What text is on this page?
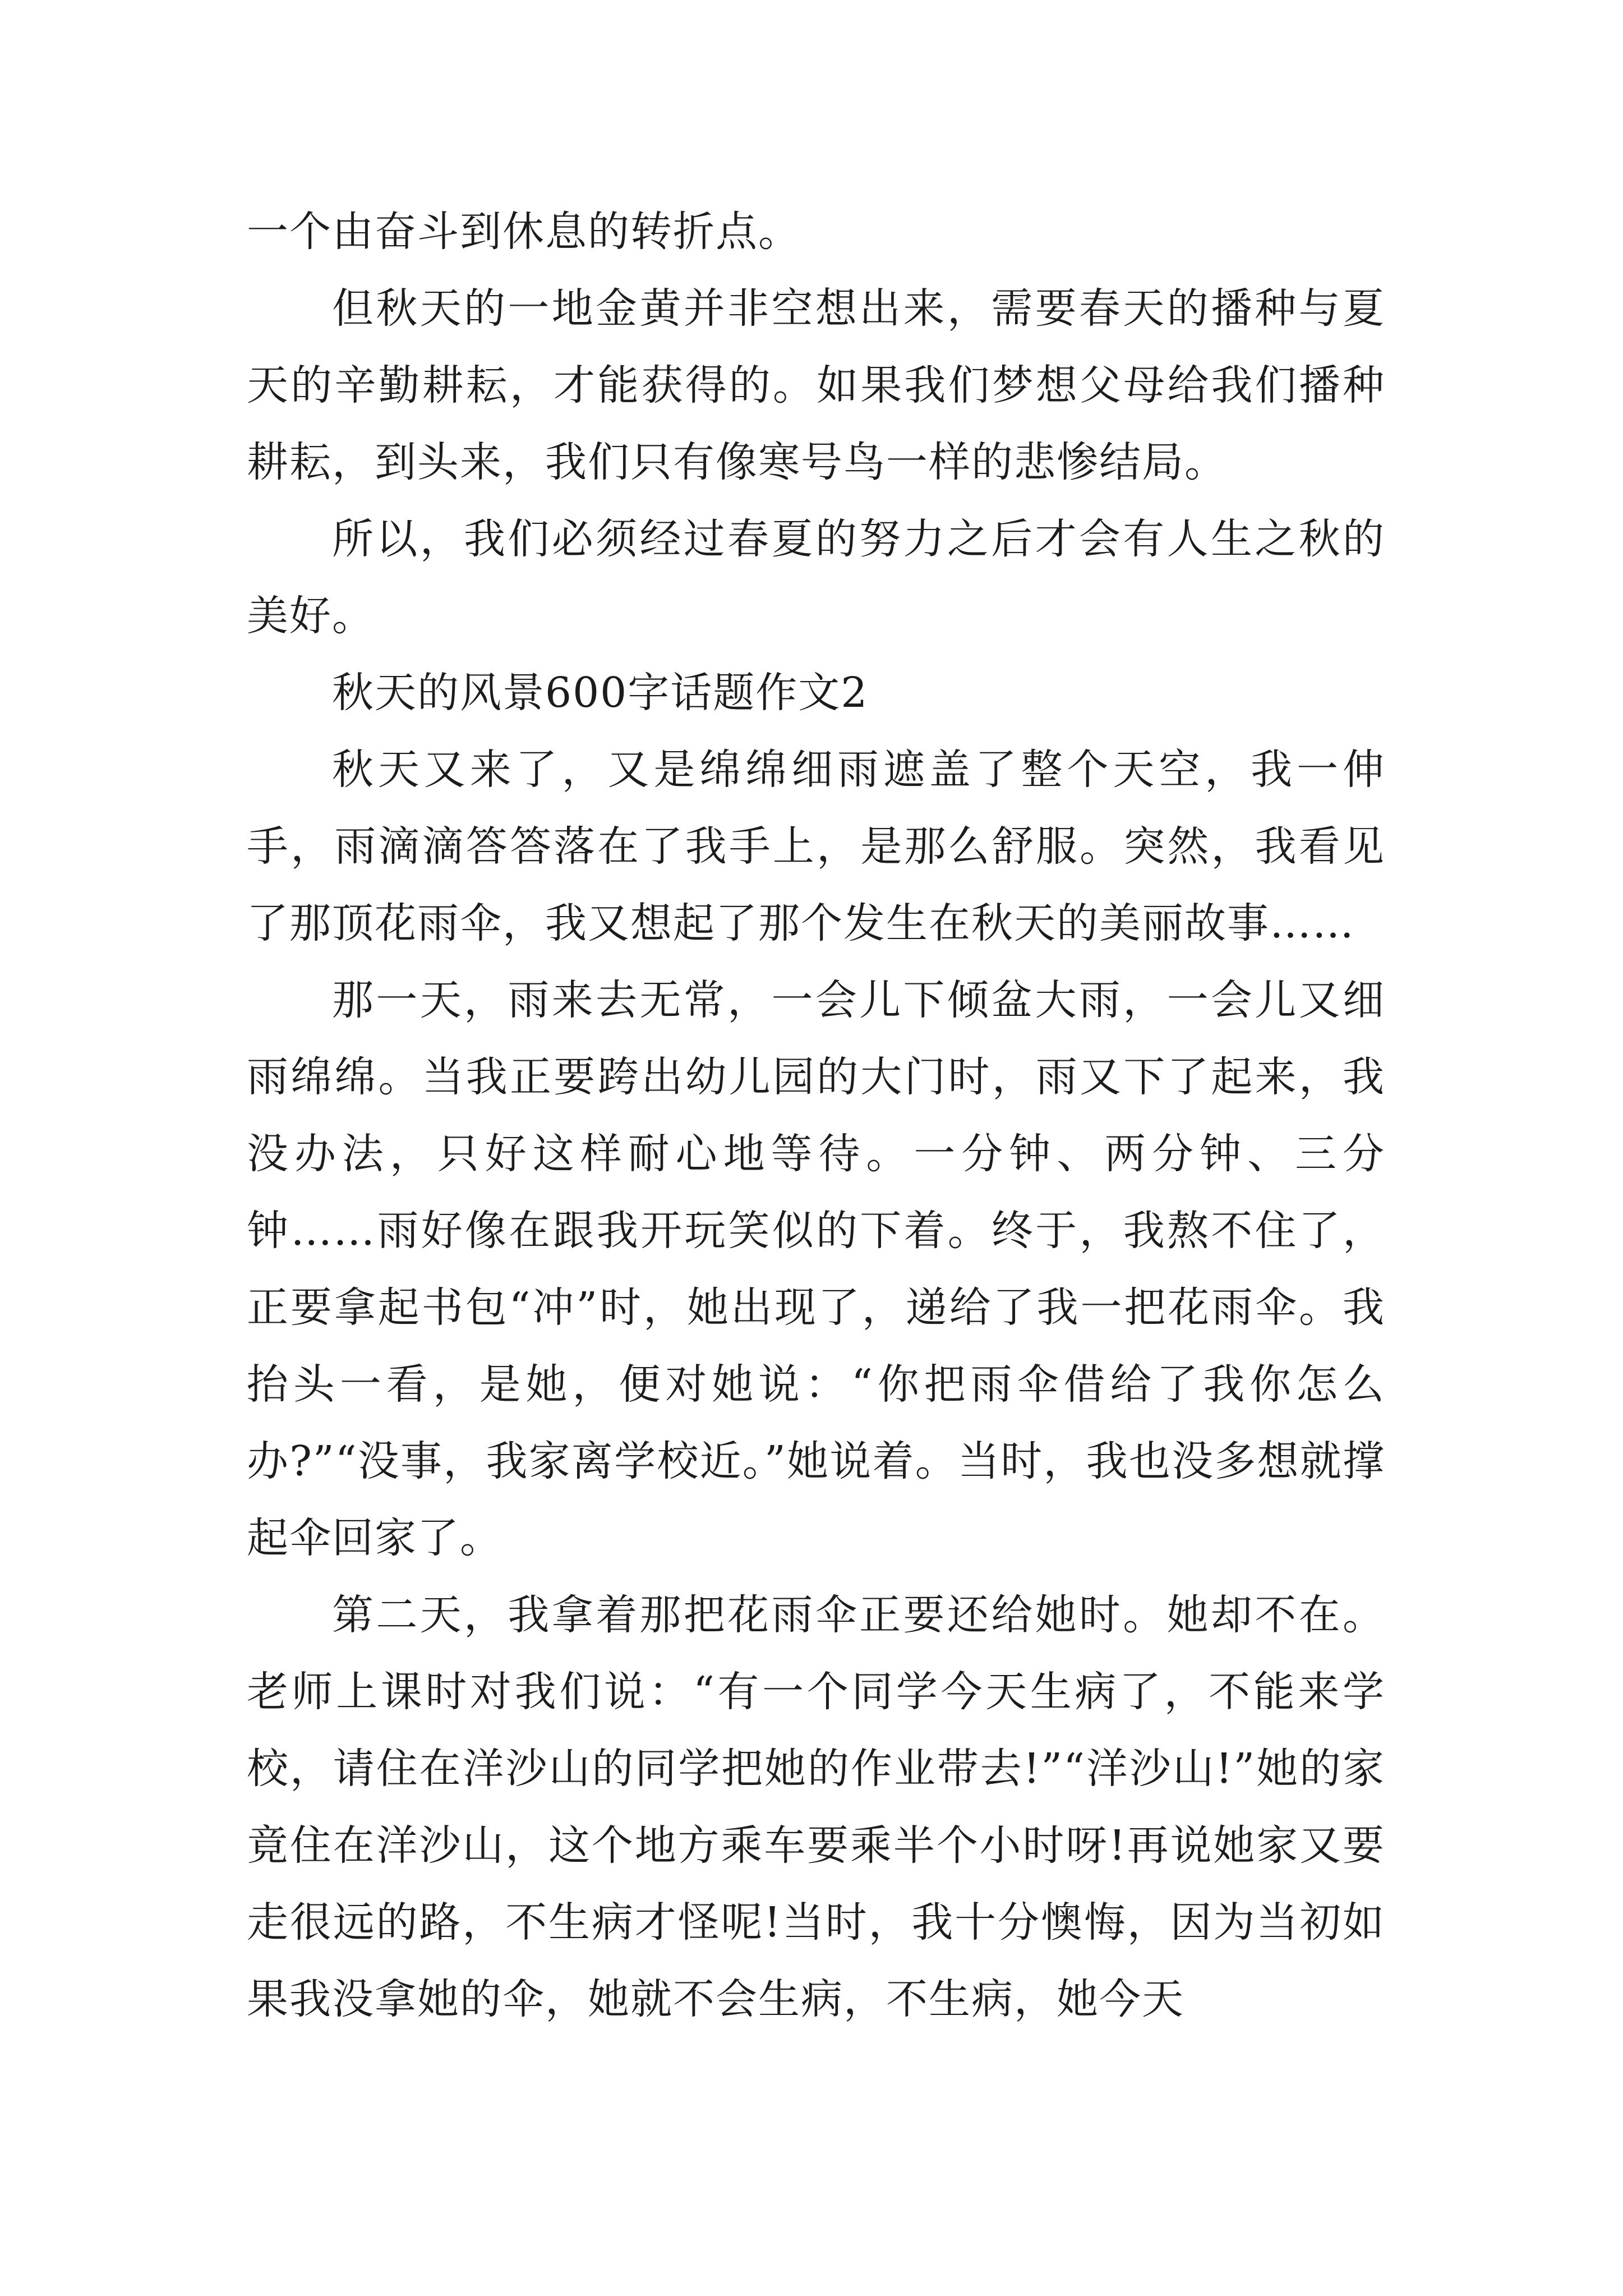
一个由奋斗到休息的转折点。

但秋天的一地金黄并非空想出来，需要春天的播种与夏天的辛勤耕耘，才能获得的。如果我们梦想父母给我们播种耕耘，到头来，我们只有像寒号鸟一样的悲惨结局。

所以，我们必须经过春夏的努力之后才会有人生之秋的美好。

秋天的风景600字话题作文2

秋天又来了，又是绵绵细雨遮盖了整个天空，我一伸手，雨滴滴答答落在了我手上，是那么舒服。突然，我看见了那顶花雨伞，我又想起了那个发生在秋天的美丽故事……

那一天，雨来去无常，一会儿下倾盆大雨，一会儿又细雨绵绵。当我正要跨出幼儿园的大门时，雨又下了起来，我没办法，只好这样耐心地等待。一分钟、两分钟、三分钟……雨好像在跟我开玩笑似的下着。终于，我熬不住了，正要拿起书包“冲”时，她出现了，递给了我一把花雨伞。我抬头一看，是她，便对她说：“你把雨伞借给了我你怎么办?”“没事，我家离学校近。”她说着。当时，我也没多想就撑起伞回家了。

第二天，我拿着那把花雨伞正要还给她时。她却不在。老师上课时对我们说：“有一个同学今天生病了，不能来学校，请住在洋沙山的同学把她的作业带去!”“洋沙山!”她的家竟住在洋沙山，这个地方乘车要乘半个小时呀!再说她家又要走很远的路，不生病才怪呢!当时，我十分懊悔，因为当初如果我没拿她的伞，她就不会生病，不生病，她今天
